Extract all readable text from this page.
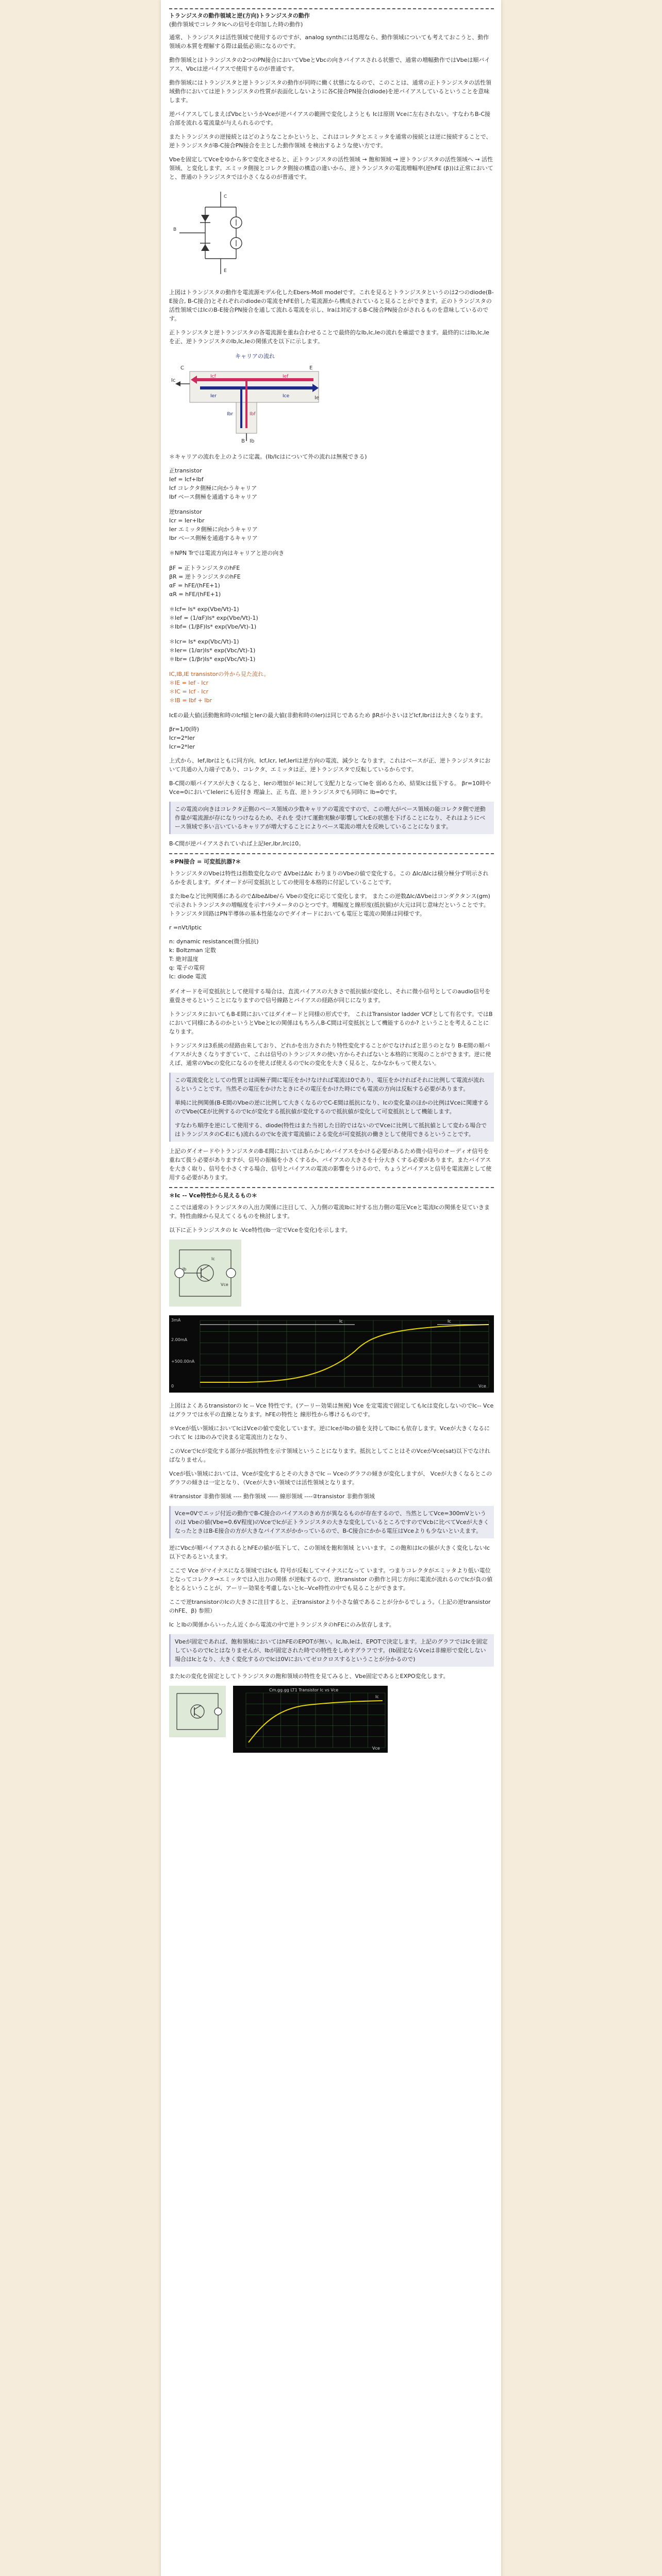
トランジスタの動作領域と逆(方向)トランジスタの動作
(動作領域でコレクタIcへの信号を印加した時の動作)

通常、トランジスタは活性領域で使用するのですが、analog synthには処理なら、動作領域についても考えておこうと、動作領域の本質を理解する際は最低必須になるのです。

動作領域とはトランジスタの2つのPN接合においてVbeとVbcの向きバイアスされる状態で、通常の増幅動作ではVbeは順バイアス、Vbcは逆バイアスで使用するのが普通です。

動作領域にはトランジスタと逆トランジスタの動作が同時に働く状態になるので、このことは、通常の正トランジスタの活性領域動作においては逆トランジスタの性質が表面化しないように各C接合PN接合(diode)を逆バイアスしているということを意味します。

逆バイアスしてしまえばVbcというかVceが逆バイアスの範囲で変化しようとも Icは原則 Vceに左右されない。すなわちB-C接合部を流れる電流量が与えられるのです。

またトランジスタの逆接続とはどのようなことかというと、これはコレクタとエミッタを通常の接続とは逆に接続することで、逆トランジスタがB-C接合PN接合を主とした動作領域 を検出するような使い方です。

Vbeを固定してVceをゆから多で変化させると、正トランジスタの活性領域 → 飽和領域 → 逆トランジスタの活性領域へ → 活性領域、と変化します。エミッタ側接とコレクタ側接の構造の違いから、逆トランジスタの電流増幅率(逆hFE (β))は正常においてと、普通のトランジスタでは小さくなるのが普通です。

C
B
E

上図はトランジスタの動作を電流源モデル化したEbers-Moll modelです。これを見るとトランジスタというのは2つのdiode(B-E接合, B-C接合)とそれぞれのdiodeの電流をhFE倍した電流源から構成されていると見ることができます。正のトランジスタの活性領域ではIcのB-E接合PN接合を通して流れる電流を示し、Iraは対応するB-C接合PN接合がされるものを意味しているのです。

正トランジスタと逆トランジスタの各電流源を重ね合わせることで最終的なIb,Ic,Ieの流れを確認できます。最終的にはIb,Ic,Ieを正、逆トランジスタのIb,Ic,Ieの関係式を以下に示します。

キャリアの流れ
Ic
Ie
Ib
Icf	Ief
Ibf
Ier	Ice
Ibr
C	E
B

＊キャリアの流れを上のように定義。(Ib/Icはについて外の流れは無視できる)

正transistor
Ief = Icf+Ibf
Icf コレクタ側極に向かうキャリア
Ibf ベース側極を通過するキャリア
逆transistor
Icr = Ier+Ibr
Ier エミッタ側極に向かうキャリア
Ibr ベース側極を通過するキャリア
＊NPN Trでは電流方向はキャリアと逆の向き
βF = 正トランジスタのhFE
βR = 逆トランジスタのhFE
αF = hFE/(hFE+1)
αR = hFE/(hFE+1)
＊Icf= Is* exp(Vbe/Vt)-1)
＊Ief = (1/αF)Is* exp(Vbe/Vt)-1)
＊Ibf= (1/βF)Is* exp(Vbe/Vt)-1)
＊Icr= Is* exp(Vbc/Vt)-1)
＊Ier= (1/αr)Is* exp(Vbc/Vt)-1)
＊Ibr= (1/βr)Is* exp(Vbc/Vt)-1)
IC,IB,IE transistorの外から見た流れ。
＊IE = Ief - Icr
＊IC = Icf - Icr
＊IB = Ibf + Ibr

IcEの最大値(活動飽和時のIcf値とIerの最大値(非動和時のIer)は同じであるため βRが小さいほどIcf,Ibrはは大きくなります。

βr=1/0(時)
Icr=2*Ier
Icr=2*Ier

上式から、Ief,Ibrはともに同方向、Icf,Icr, Ief,IerIは逆方向の電流、減少と なります。これはベースが正、逆トランジスタにおいて共通の入力端子であり、コレクタ、エミッタは正、逆トランジスタで反転しているからです。

B-C間の順バイアスが大きくなると、Ierの増加が Ieに対して支配力となってIeを 弱めるため、結果Icは低下する。 βr=10時やVce=0においてIeIerにも近付き 理論上、正 ち直、逆トランジスタでも同時に Ib=0です。

この電流の向きはコレクタ正側のベース領域の少数キャリアの電流ですので、この増大がベース領域の能コレクタ側で逆動作量が電流源が存になりつけなるため、それを 受けて運動実験が影響してIcEの状態を下げることになり、それはようにベース領域で多い言いているキャリアが増大することによりベース電流の増大を反映していることになります。

B-C間が逆バイアスされていれば上記Ier,Ibr,Ircは0。

＊PN接合 = 可変抵抗器?＊

トランジスタのVbeは特性は指数変化なので ΔVbeはΔIc わりまりのVbeの値で変化する。この ΔIc/ΔIcは積分極分ず明示されるかを表します。ダイオードが可変抵抗としての使用を本格的に付記していることです。

またIbeなど比例関係にあるのでΔIbeΔIbe/ら Vbeの変化に応じて変化します。 またこの逆数ΔIc/ΔVbeはコンダクタンス(gm)で示されトランジスタの増幅度を示すパラメータのひとつです。増幅度と線形度(抵抗値)が大元は同じ意味だということです。トランジスタ回路はPN半導体の基本性能なのでダイオードにおいても電圧と電流の関係は同様です。

r =nVt/Iptic

n: dynamic resistance(微分抵抗)
k: Boltzman 定数
T: 絶対温度
q: 電子の電荷
Ic: diode 電流

ダイオードを可変抵抗として使用する場合は、直流バイアスの大きさで抵抗値が変化し、それに微小信号としてのaudio信号を重畳させるということになりますので信号線路とバイアスの経路が同じになります。

トランジスタにおいてもB-E間においてはダイオードと同様の形式です。 これはTransistor ladder VCFとして有名です。ではBにおいて同様にあるのかというとVbeとIcの関係はもちろんB-C間は可変抵抗として機能するのか? ということを考えることになります。

トランジスタは3系統の経路由来しており、どれかを出力されたり特性変化することがでなければと思うのとなり B-E間の順バイアスが大きくなりすぎていて、これは信号のトランジスタの使い方からそればないと本格的に実現のことができます。逆に使えば、通常のVbcの変化になるのを使えば使えるのでIcの変化を大きく見ると、なかなかもって使えない。

この電流変化としての性質とは両極子間に電圧をかけなければ電流は0であり、電圧をかければそれに比例して電流が流れるということです。当然その電圧をかけたときにその電圧をかけた時にでも電流の方向は反転する必要があります。

単純に比例関係(B-E間のVbeの逆に比例して大きくなるのでC-E間は抵抗になり、Icの変化量のほかの比例はVceに関連するのでVbe(CEが比例するのでIcが変化する抵抗値が変化するので抵抗値が変化して可変抵抗として機能します。

すなわち順序を逆にして使用する、diode(特性はまた当初した目的ではないのでVceに比例して抵抗値として変わる場合ではトランジスタのC-Eにも)流れるのでIcを流す電流値による変化が可変抵抗の働きとして使用できるということです。

上記のダイオードやトランジスタのB-E間においてはあらかじめバイアスをかける必要があるため微小信号のオーディオ信号を重ねて扱う必要がありますが、信号の振幅を小さくするか、バイアスの大きさを十分大きくする必要があります。またバイアスを大きく取り、信号を小さくする場合、信号とバイアスの電流の影響をうけるので、ちょうどバイアスと信号を電流源として使用する必要があります。

＊Ic -- Vce特性から見えるもの＊

ここでは通常のトランジスタの入出力関係に注目して、入力側の電流Ibに対する出力側の電圧Vceと電流Icの関係を見ていきます。特性曲線から見えてくるものを検討します。

以下に正トランジスタの Ic -Vce特性(Ib一定でVceを変化)を示します。

Ib
Ic
Vce
3mA
2.00mA
+500.00nA
0
Ic	Ic
Vce

上図はよくあるtransistorの Ic -- Vce 特性です。(アーリー効果は無視) Vce を定電流で固定してもIcは変化しないのでIc-- Vceはグラフでは水平の直線となります。hFEの特性と 線形性から導けるものです。

＊Vceが低い領域においてIcはVceの値で変化しています。逆にIceがIbの値を支持してIbにも依存します。Vceが大きくなるにつれて Ic はIbのみで決まる定電流出力となり、

このVceでIcが変化する部分が抵抗特性を示す領域ということになります。抵抗としてことはそのVceがVce(sat)以下でなければなりません。

Vceが低い領域においては、Vceが変化するとその大きさでIc -- Vceのグラフの傾きが変化しますが、 Vceが大きくなるとこのグラフの傾きは一定となり、（Vceが大きい領域では活性領域となります。

④transistor 非動作領域 ---- 動作領域 ----- 線形領域 ----②transistor 非動作領域

Vce=0Vでエッジ付近の動作でB-C接合のバイアスのきめ方が異なるものが存在するので、当然としてVce=300mVというのは Vbeの値(Vbe=0.6V程度)のVceでIcが正トランジスタの大きな変化しているところですのでVcbに比べてVceが大きくなったときはB-E接合の方が大きなバイアスがかかっているので、B-C接合にかかる電圧はVceよりも少ないといえます。

逆にVbcが順バイアスされるとhFEの値が低下して、この領域を飽和領域 といいます。この飽和はIcの値が大きく変化しないIc以下であるといえます。

ここで Vce がマイナスになる領域ではIcも 符号が反転してマイナスになって います。つまりコレクタがエミッタより低い電位となってコレクタ→エミッタでは入出力の関係 が逆転するので、逆transistor の動作と同じ方向に電流が流れるのでIcが負の値をとるということが、アーリー効果を考慮しないとIc--Vce特性の中でも見ることができます。

ここで逆transistorのIcの大きさに注目すると、正transistorより小さな値であることが分かるでしょう。（上記の逆transistorのhFE、β) 参照）

Ic とIbの関係からいったん近くから電流の中で逆トランジスタのhFEにのみ依存します。

Vbeが固定であれば、飽和領域においてはhFEのEPOTが無い。Ic,Ib,Ieは、EPOTで決定します。上記のグラフではIcを固定しているのでIcとはなりませんが、Ibが固定された時での特性をしめすグラフです。(Ib固定ならVceは非線形で変化しない場合はIcとなり、大きく変化するのでIcは0Vにおいてゼロクロスするということが分かるので)

またIcの変化を固定としてトランジスタの飽和領域の特性を見てみると、Vbe固定であるとEXPO変化します。

Cm.gg.gg LT1 Transistor Ic vs Vce
Ic
Vce
